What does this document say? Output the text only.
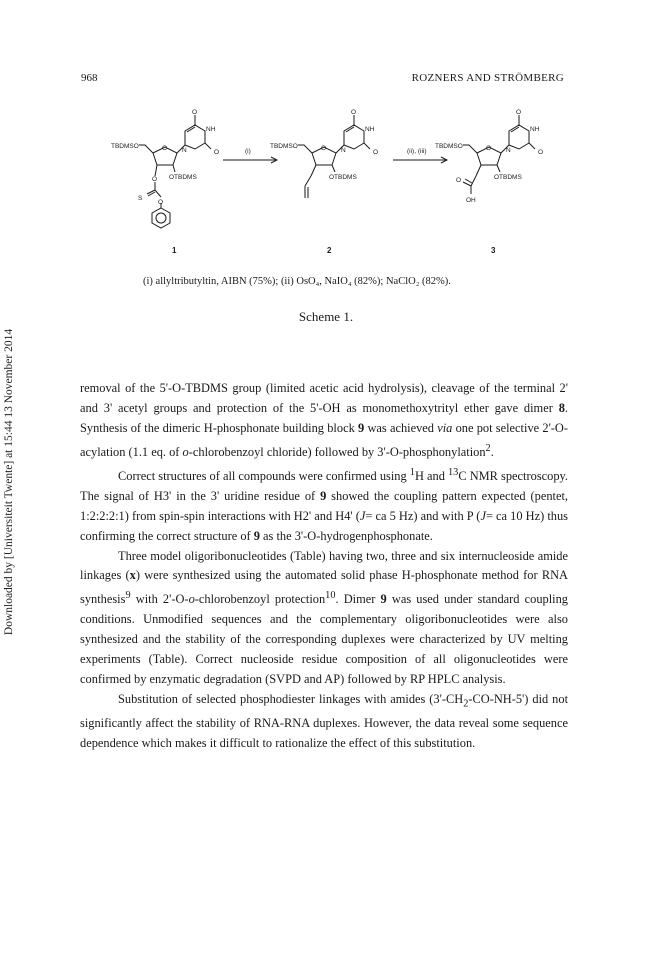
968	ROZNERS AND STRÖMBERG
Downloaded by [Universiteit Twente] at 15:44 13 November 2014
TBDMSO	O
O
NH
O
N
OTBDMS
O
S
O
(i)	(ii), (iii)
TBDMSO	O
O
NH
O
N
OTBDMS
TBDMSO	O
O
NH
O
N
OTBDMS
O
OH
1	2	3
(i) allyltributyltin, AIBN (75%); (ii) OsO₄, NaIO₄ (82%); NaClO₂ (82%).
Scheme 1.

removal of the 5'-O-TBDMS group (limited acetic acid hydrolysis), cleavage of the terminal 2' and 3' acetyl groups and protection of the 5'-OH as monomethoxytrityl ether gave dimer 8. Synthesis of the dimeric H-phosphonate building block 9 was achieved via one pot selective 2'-O-acylation (1.1 eq. of o-chlorobenzoyl chloride) followed by 3'-O-phosphonylation$^2$.

Correct structures of all compounds were confirmed using $^1$H and $^{13}$C NMR spectroscopy. The signal of H3' in the 3' uridine residue of 9 showed the coupling pattern expected (pentet, 1:2:2:2:1) from spin-spin interactions with H2' and H4' (J= ca 5 Hz) and with P (J= ca 10 Hz) thus confirming the correct structure of 9 as the 3'-O-hydrogenphosphonate.

Three model oligoribonucleotides (Table) having two, three and six internucleoside amide linkages (x) were synthesized using the automated solid phase H-phosphonate method for RNA synthesis$^9$ with 2'-O-o-chlorobenzoyl protection$^{10}$. Dimer 9 was used under standard coupling conditions. Unmodified sequences and the complementary oligoribonucleotides were also synthesized and the stability of the corresponding duplexes were characterized by UV melting experiments (Table). Correct nucleoside residue composition of all oligonucleotides were confirmed by enzymatic degradation (SVPD and AP) followed by RP HPLC analysis.

Substitution of selected phosphodiester linkages with amides $(3'-CH_2-CO-NH-5')$ did not significantly affect the stability of RNA-RNA duplexes. However, the data reveal some sequence dependence which makes it difficult to rationalize the effect of this substitution.
